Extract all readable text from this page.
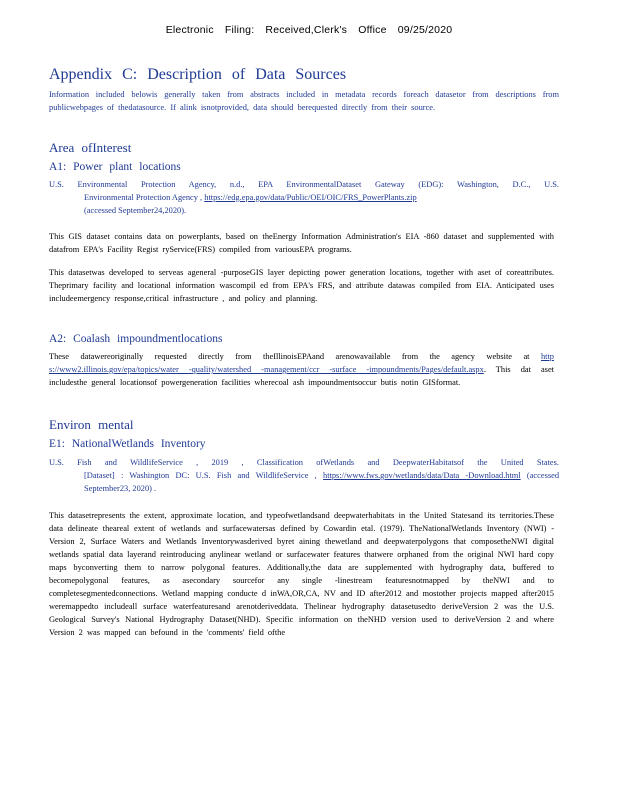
Electronic Filing: Received,Clerk's Office 09/25/2020
Appendix C: Description of Data Sources
Information included belowis generally taken from abstracts included in metadata records foreach datasetor from descriptions from publicwebpages of thedatasource. If alink isnotprovided, data should berequested directly from their source.
Area ofInterest
A1: Power plant locations
U.S. Environmental Protection Agency, n.d., EPA EnvironmentalDataset Gateway (EDG): Washington, D.C., U.S.
Environmental Protection Agency , https://edg.epa.gov/data/Public/OEI/OIC/FRS_PowerPlants.zip
(accessed September24,2020).
This GIS dataset contains data on powerplants, based on theEnergy Information Administration's EIA -860 dataset and supplemented with datafrom EPA's Facility Regist ryService(FRS) compiled from variousEPA programs.
This datasetwas developed to serveas ageneral -purposeGIS layer depicting power generation locations, together with aset of coreattributes. Theprimary facility and locational information wascompil ed from EPA's FRS, and attribute datawas compiled from EIA. Anticipated uses includeemergency response,critical infrastructure , and policy and planning.
A2: Coalash impoundmentlocations
These datawereoriginally requested directly from theIllinoisEPAand arenowavailable from the agency website at http s://www2.illinois.gov/epa/topics/water -quality/watershed -management/ccr -surface -impoundments/Pages/default.aspx. This dat aset includesthe general locationsof powergeneration facilities wherecoal ash impoundmentsoccur butis notin GISformat.
Environ mental
E1: NationalWetlands Inventory
U.S. Fish and WildlifeService , 2019 , Classification ofWetlands and DeepwaterHabitatsof the United States.
[Dataset] : Washington DC: U.S. Fish and WildlifeService , https://www.fws.gov/wetlands/data/Data -Download.html (accessed September23, 2020) .
This datasetrepresents the extent, approximate location, and typeofwetlandsand deepwaterhabitats in the United Statesand its territories.These data delineate theareal extent of wetlands and surfacewatersas defined by Cowardin etal. (1979). TheNationalWetlands Inventory (NWI) - Version 2, Surface Waters and Wetlands Inventorywasderived byret aining thewetland and deepwaterpolygons that composetheNWI digital wetlands spatial data layerand reintroducing anylinear wetland or surfacewater features thatwere orphaned from the original NWI hard copy maps byconverting them to narrow polygonal features. Additionally,the data are supplemented with hydrography data, buffered to becomepolygonal features, as asecondary sourcefor any single -linestream featuresnotmapped by theNWI and to completesegmentedconnections. Wetland mapping conducte d inWA,OR,CA, NV and ID after2012 and mostother projects mapped after2015 weremappedto includeall surface waterfeaturesand arenotderiveddata. Thelinear hydrography datasetusedto deriveVersion 2 was the U.S. Geological Survey's National Hydrography Dataset(NHD). Specific information on theNHD version used to deriveVersion 2 and where Version 2 was mapped can befound in the 'comments' field ofthe
